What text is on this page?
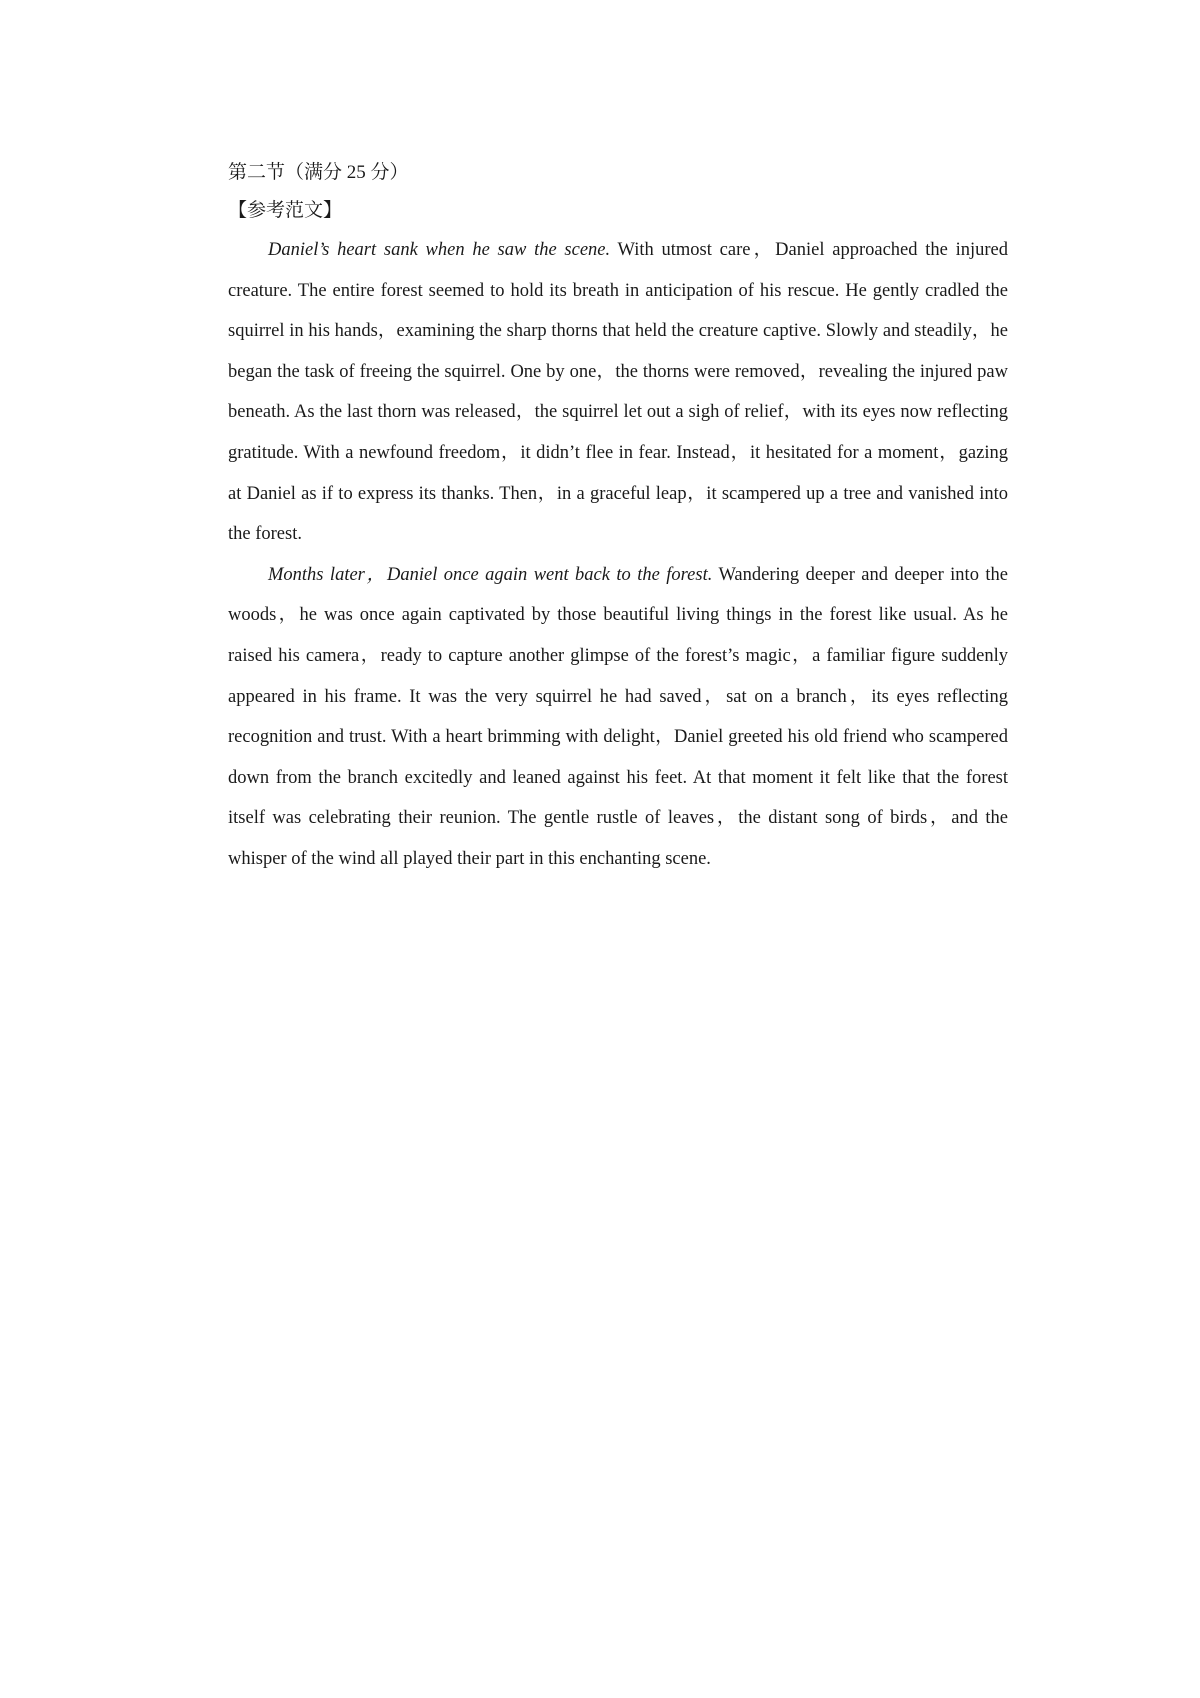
第二节（满分 25 分）

【参考范文】

Daniel’s heart sank when he saw the scene. With utmost care，Daniel approached the injured creature. The entire forest seemed to hold its breath in anticipation of his rescue. He gently cradled the squirrel in his hands，examining the sharp thorns that held the creature captive. Slowly and steadily，he began the task of freeing the squirrel. One by one，the thorns were removed，revealing the injured paw beneath. As the last thorn was released，the squirrel let out a sigh of relief，with its eyes now reflecting gratitude. With a newfound freedom，it didn’t flee in fear. Instead，it hesitated for a moment，gazing at Daniel as if to express its thanks. Then，in a graceful leap，it scampered up a tree and vanished into the forest.

Months later，Daniel once again went back to the forest. Wandering deeper and deeper into the woods，he was once again captivated by those beautiful living things in the forest like usual. As he raised his camera，ready to capture another glimpse of the forest’s magic，a familiar figure suddenly appeared in his frame. It was the very squirrel he had saved，sat on a branch，its eyes reflecting recognition and trust. With a heart brimming with delight，Daniel greeted his old friend who scampered down from the branch excitedly and leaned against his feet. At that moment it felt like that the forest itself was celebrating their reunion. The gentle rustle of leaves，the distant song of birds，and the whisper of the wind all played their part in this enchanting scene.
